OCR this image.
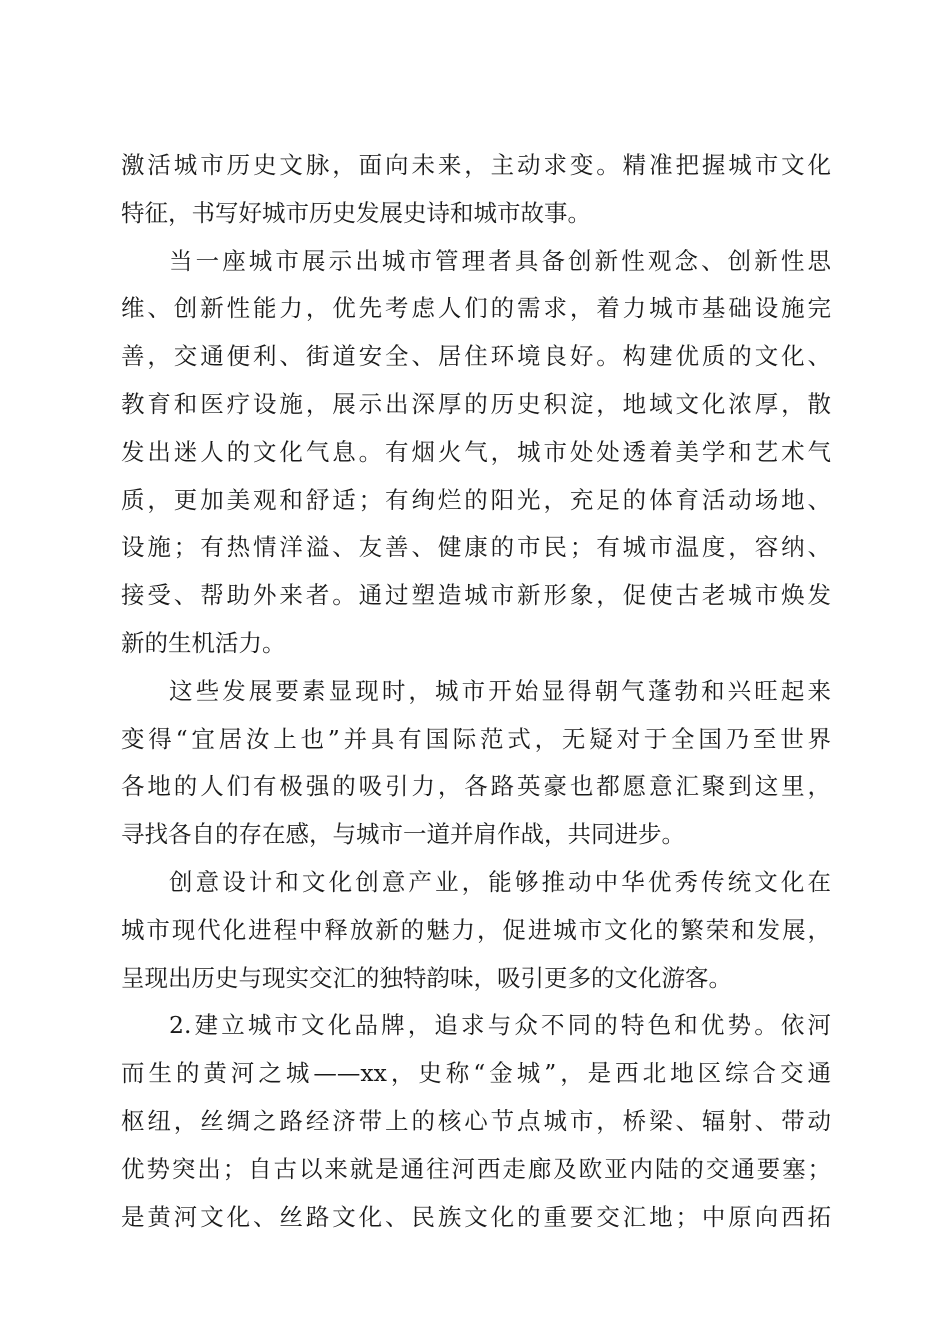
激活城市历史文脉，面向未来，主动求变。精准把握城市文化
特征，书写好城市历史发展史诗和城市故事。
当一座城市展示出城市管理者具备创新性观念、创新性思
维、创新性能力，优先考虑人们的需求，着力城市基础设施完
善，交通便利、街道安全、居住环境良好。构建优质的文化、
教育和医疗设施，展示出深厚的历史积淀，地域文化浓厚，散
发出迷人的文化气息。有烟火气，城市处处透着美学和艺术气
质，更加美观和舒适；有绚烂的阳光，充足的体育活动场地、
设施；有热情洋溢、友善、健康的市民；有城市温度，容纳、
接受、帮助外来者。通过塑造城市新形象，促使古老城市焕发
新的生机活力。
这些发展要素显现时，城市开始显得朝气蓬勃和兴旺起来
变得“宜居汝上也”并具有国际范式，无疑对于全国乃至世界
各地的人们有极强的吸引力，各路英豪也都愿意汇聚到这里，
寻找各自的存在感，与城市一道并肩作战，共同进步。
创意设计和文化创意产业，能够推动中华优秀传统文化在
城市现代化进程中释放新的魅力，促进城市文化的繁荣和发展，
呈现出历史与现实交汇的独特韵味，吸引更多的文化游客。
2.建立城市文化品牌，追求与众不同的特色和优势。依河
而生的黄河之城——xx，史称“金城”，是西北地区综合交通
枢纽，丝绸之路经济带上的核心节点城市，桥梁、辐射、带动
优势突出；自古以来就是通往河西走廊及欧亚内陆的交通要塞；
是黄河文化、丝路文化、民族文化的重要交汇地；中原向西拓
